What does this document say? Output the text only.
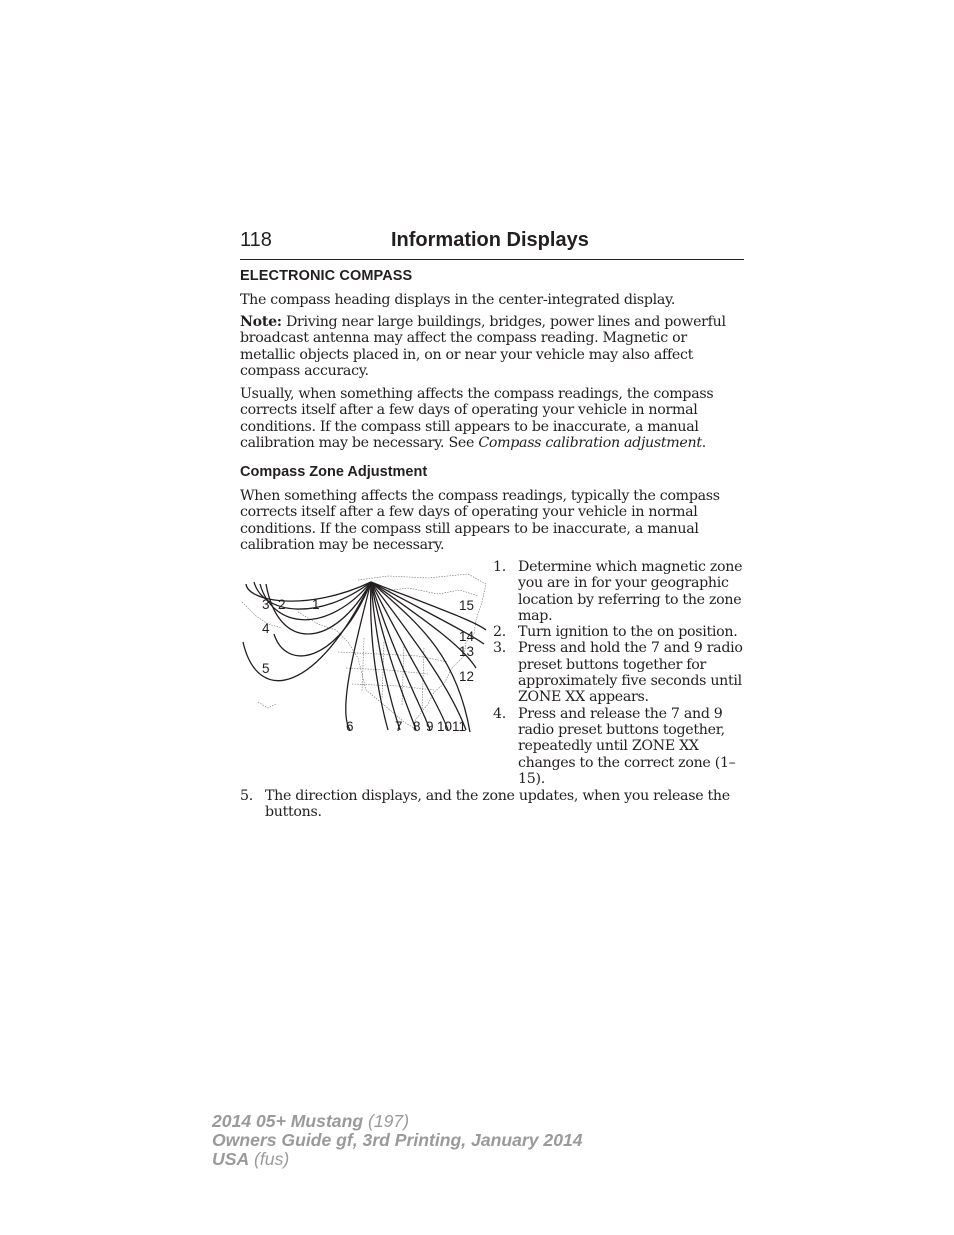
118	Information Displays
ELECTRONIC COMPASS

The compass heading displays in the center-integrated display.

Note: Driving near large buildings, bridges, power lines and powerful broadcast antenna may affect the compass reading. Magnetic or metallic objects placed in, on or near your vehicle may also affect compass accuracy.

Usually, when something affects the compass readings, the compass corrects itself after a few days of operating your vehicle in normal conditions. If the compass still appears to be inaccurate, a manual calibration may be necessary. See Compass calibration adjustment.

Compass Zone Adjustment

When something affects the compass readings, typically the compass corrects itself after a few days of operating your vehicle in normal conditions. If the compass still appears to be inaccurate, a manual calibration may be necessary.

1
2
3
4
5
6	7 8 9 10 11
12
13
14
15
1. Determine which magnetic zone you are in for your geographic location by referring to the zone map.
2. Turn ignition to the on position.
3. Press and hold the 7 and 9 radio preset buttons together for approximately five seconds until ZONE XX appears.
4. Press and release the 7 and 9 radio preset buttons together, repeatedly until ZONE XX changes to the correct zone (1–15).
5. The direction displays, and the zone updates, when you release the buttons.
2014 05+ Mustang (197)
Owners Guide gf, 3rd Printing, January 2014
USA (fus)
